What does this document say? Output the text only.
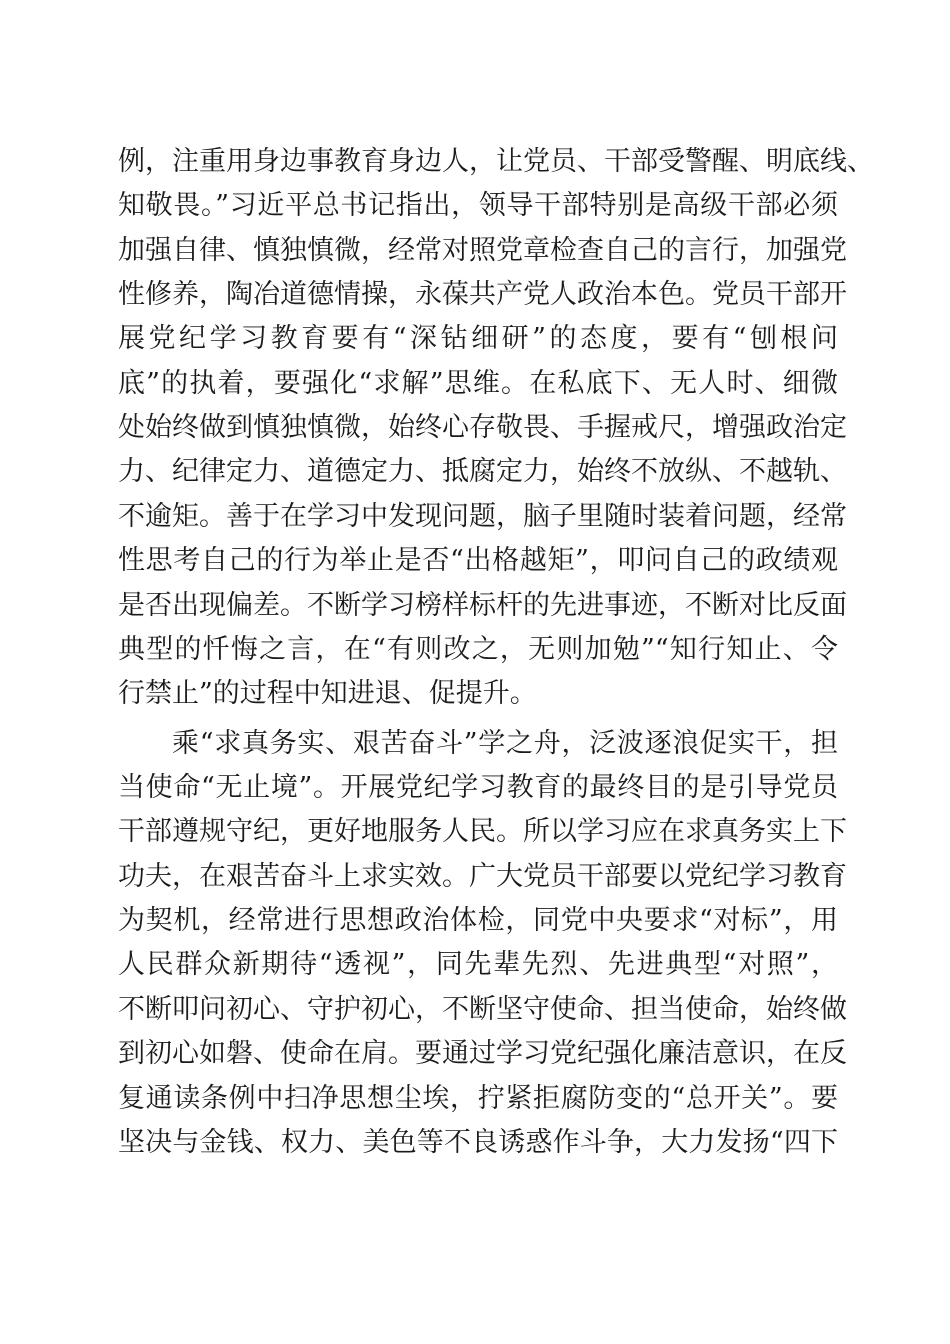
例，注重用身边事教育身边人，让党员、干部受警醒、明底线、
知敬畏。”习近平总书记指出，领导干部特别是高级干部必须
加强自律、慎独慎微，经常对照党章检查自己的言行，加强党
性修养，陶冶道德情操，永葆共产党人政治本色。党员干部开
展党纪学习教育要有“深钻细研”的态度，要有“刨根问
底”的执着，要强化“求解”思维。在私底下、无人时、细微
处始终做到慎独慎微，始终心存敬畏、手握戒尺，增强政治定
力、纪律定力、道德定力、抵腐定力，始终不放纵、不越轨、
不逾矩。善于在学习中发现问题，脑子里随时装着问题，经常
性思考自己的行为举止是否“出格越矩”，叩问自己的政绩观
是否出现偏差。不断学习榜样标杆的先进事迹，不断对比反面
典型的忏悔之言，在“有则改之，无则加勉”“知行知止、令
行禁止”的过程中知进退、促提升。
乘“求真务实、艰苦奋斗”学之舟，泛波逐浪促实干，担
当使命“无止境”。开展党纪学习教育的最终目的是引导党员
干部遵规守纪，更好地服务人民。所以学习应在求真务实上下
功夫，在艰苦奋斗上求实效。广大党员干部要以党纪学习教育
为契机，经常进行思想政治体检，同党中央要求“对标”，用
人民群众新期待“透视”，同先辈先烈、先进典型“对照”，
不断叩问初心、守护初心，不断坚守使命、担当使命，始终做
到初心如磐、使命在肩。要通过学习党纪强化廉洁意识，在反
复通读条例中扫净思想尘埃，拧紧拒腐防变的“总开关”。要
坚决与金钱、权力、美色等不良诱惑作斗争，大力发扬“四下
